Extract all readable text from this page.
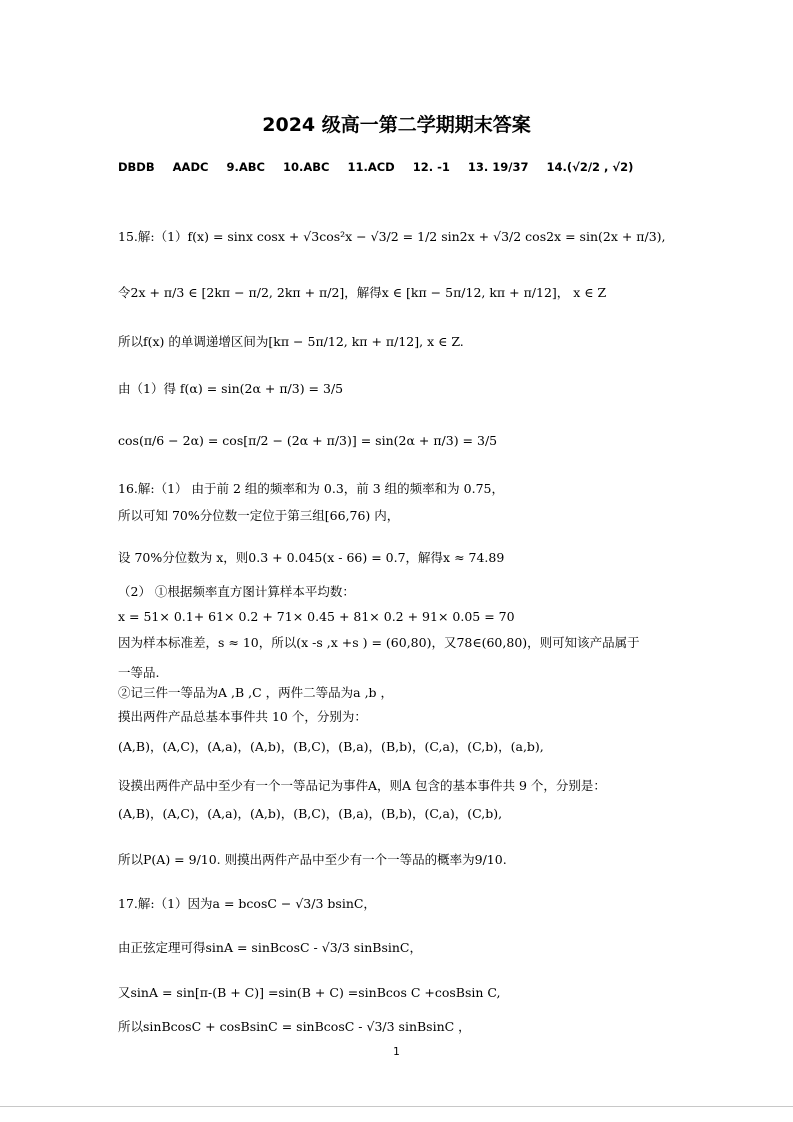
2024 级高一第二学期期末答案
DBDB AADC 9.ABC 10.ABC 11.ACD 12. -1 13. 19/37 14.(√2/2 , √2)
15.解:（1）f(x) = sinx cosx + √3cos²x − √3/2 = 1/2 sin2x + √3/2 cos2x = sin(2x + π/3),
令2x + π/3 ∈ [2kπ − π/2, 2kπ + π/2]，解得x ∈ [kπ − 5π/12, kπ + π/12]， x ∈ Z
所以f(x) 的单调递增区间为[kπ − 5π/12, kπ + π/12], x ∈ Z.
由（1）得 f(α) = sin(2α + π/3) = 3/5
cos(π/6 − 2α) = cos[π/2 − (2α + π/3)] = sin(2α + π/3) = 3/5
16.解:（1） 由于前 2 组的频率和为 0.3，前 3 组的频率和为 0.75，
所以可知 70%分位数一定位于第三组[66,76) 内，
设 70%分位数为 x，则0.3 + 0.045(x - 66) = 0.7，解得x ≈ 74.89
（2） ①根据频率直方图计算样本平均数：
x = 51× 0.1+ 61× 0.2 + 71× 0.45 + 81× 0.2 + 91× 0.05 = 70
因为样本标准差，s ≈ 10，所以(x -s ,x +s ) = (60,80)，又78∈(60,80)，则可知该产品属于
一等品.
②记三件一等品为A ,B ,C ，两件二等品为a ,b ，
摸出两件产品总基本事件共 10 个，分别为：
(A,B)，(A,C)，(A,a)，(A,b)，(B,C)，(B,a)，(B,b)，(C,a)，(C,b)，(a,b),
设摸出两件产品中至少有一个一等品记为事件A，则A 包含的基本事件共 9 个，分别是：
(A,B)，(A,C)，(A,a)，(A,b)，(B,C)，(B,a)，(B,b)，(C,a)，(C,b),
所以P(A) = 9/10. 则摸出两件产品中至少有一个一等品的概率为9/10.
17.解:（1）因为a = bcosC − √3/3 bsinC，
由正弦定理可得sinA = sinBcosC - √3/3 sinBsinC，
又sinA = sin[π-(B + C)] =sin(B + C) =sinBcos C +cosBsin C,
所以sinBcosC + cosBsinC = sinBcosC - √3/3 sinBsinC ，
1
